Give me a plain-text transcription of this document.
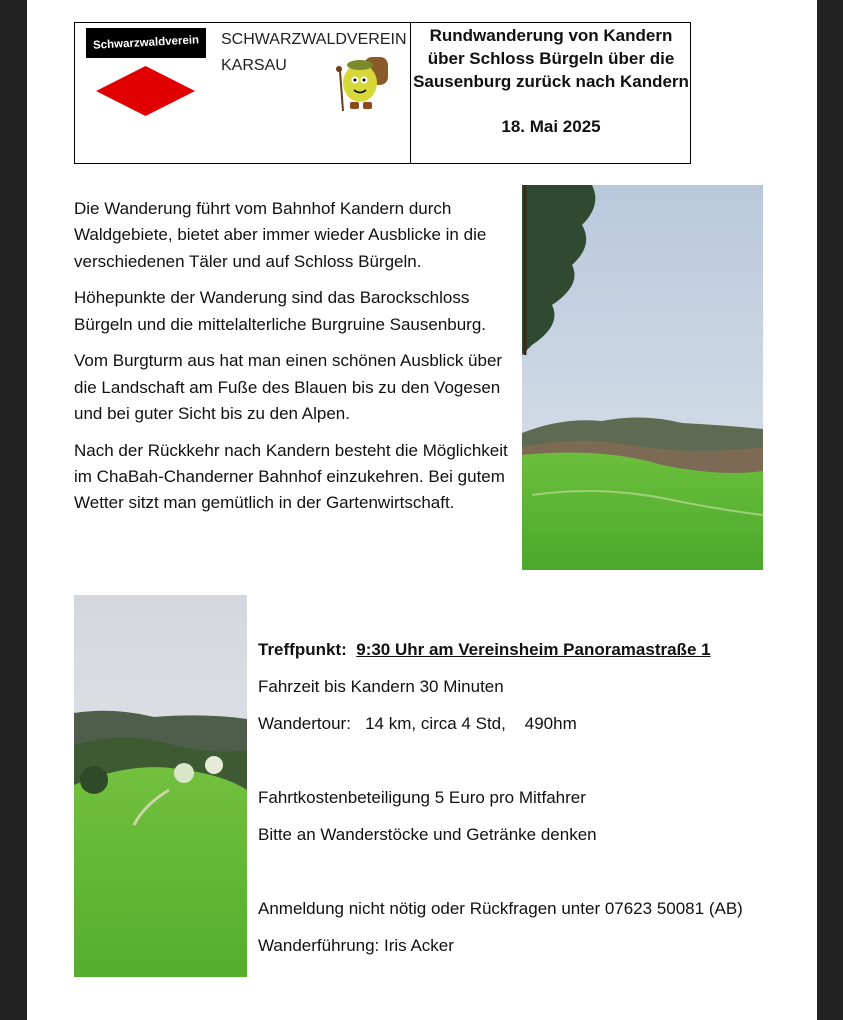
Schwarzwaldverein SCHWARZWALDVEREIN
KARSAU
Rundwanderung von Kandern über Schloss Bürgeln über die Sausenburg zurück nach Kandern
18. Mai 2025

Die Wanderung führt vom Bahnhof Kandern durch Waldgebiete, bietet aber immer wieder Ausblicke in die verschiedenen Täler und auf Schloss Bürgeln.

Höhepunkte der Wanderung sind das Barockschloss Bürgeln und die mittelalterliche Burgruine Sausenburg.

Vom Burgturm aus hat man einen schönen Ausblick über die Landschaft am Fuße des Blauen bis zu den Vogesen und bei guter Sicht bis zu den Alpen.

Nach der Rückkehr nach Kandern besteht die Möglichkeit im ChaBah-Chanderner Bahnhof einzukehren. Bei gutem Wetter sitzt man gemütlich in der Gartenwirtschaft.

Treffpunkt: 9:30 Uhr am Vereinsheim Panoramastraße 1
Fahrzeit bis Kandern 30 Minuten
Wandertour:   14 km, circa 4 Std,    490hm
Fahrtkostenbeteiligung 5 Euro pro Mitfahrer
Bitte an Wanderstöcke und Getränke denken
Anmeldung nicht nötig oder Rückfragen unter 07623 50081 (AB)
Wanderführung: Iris Acker
